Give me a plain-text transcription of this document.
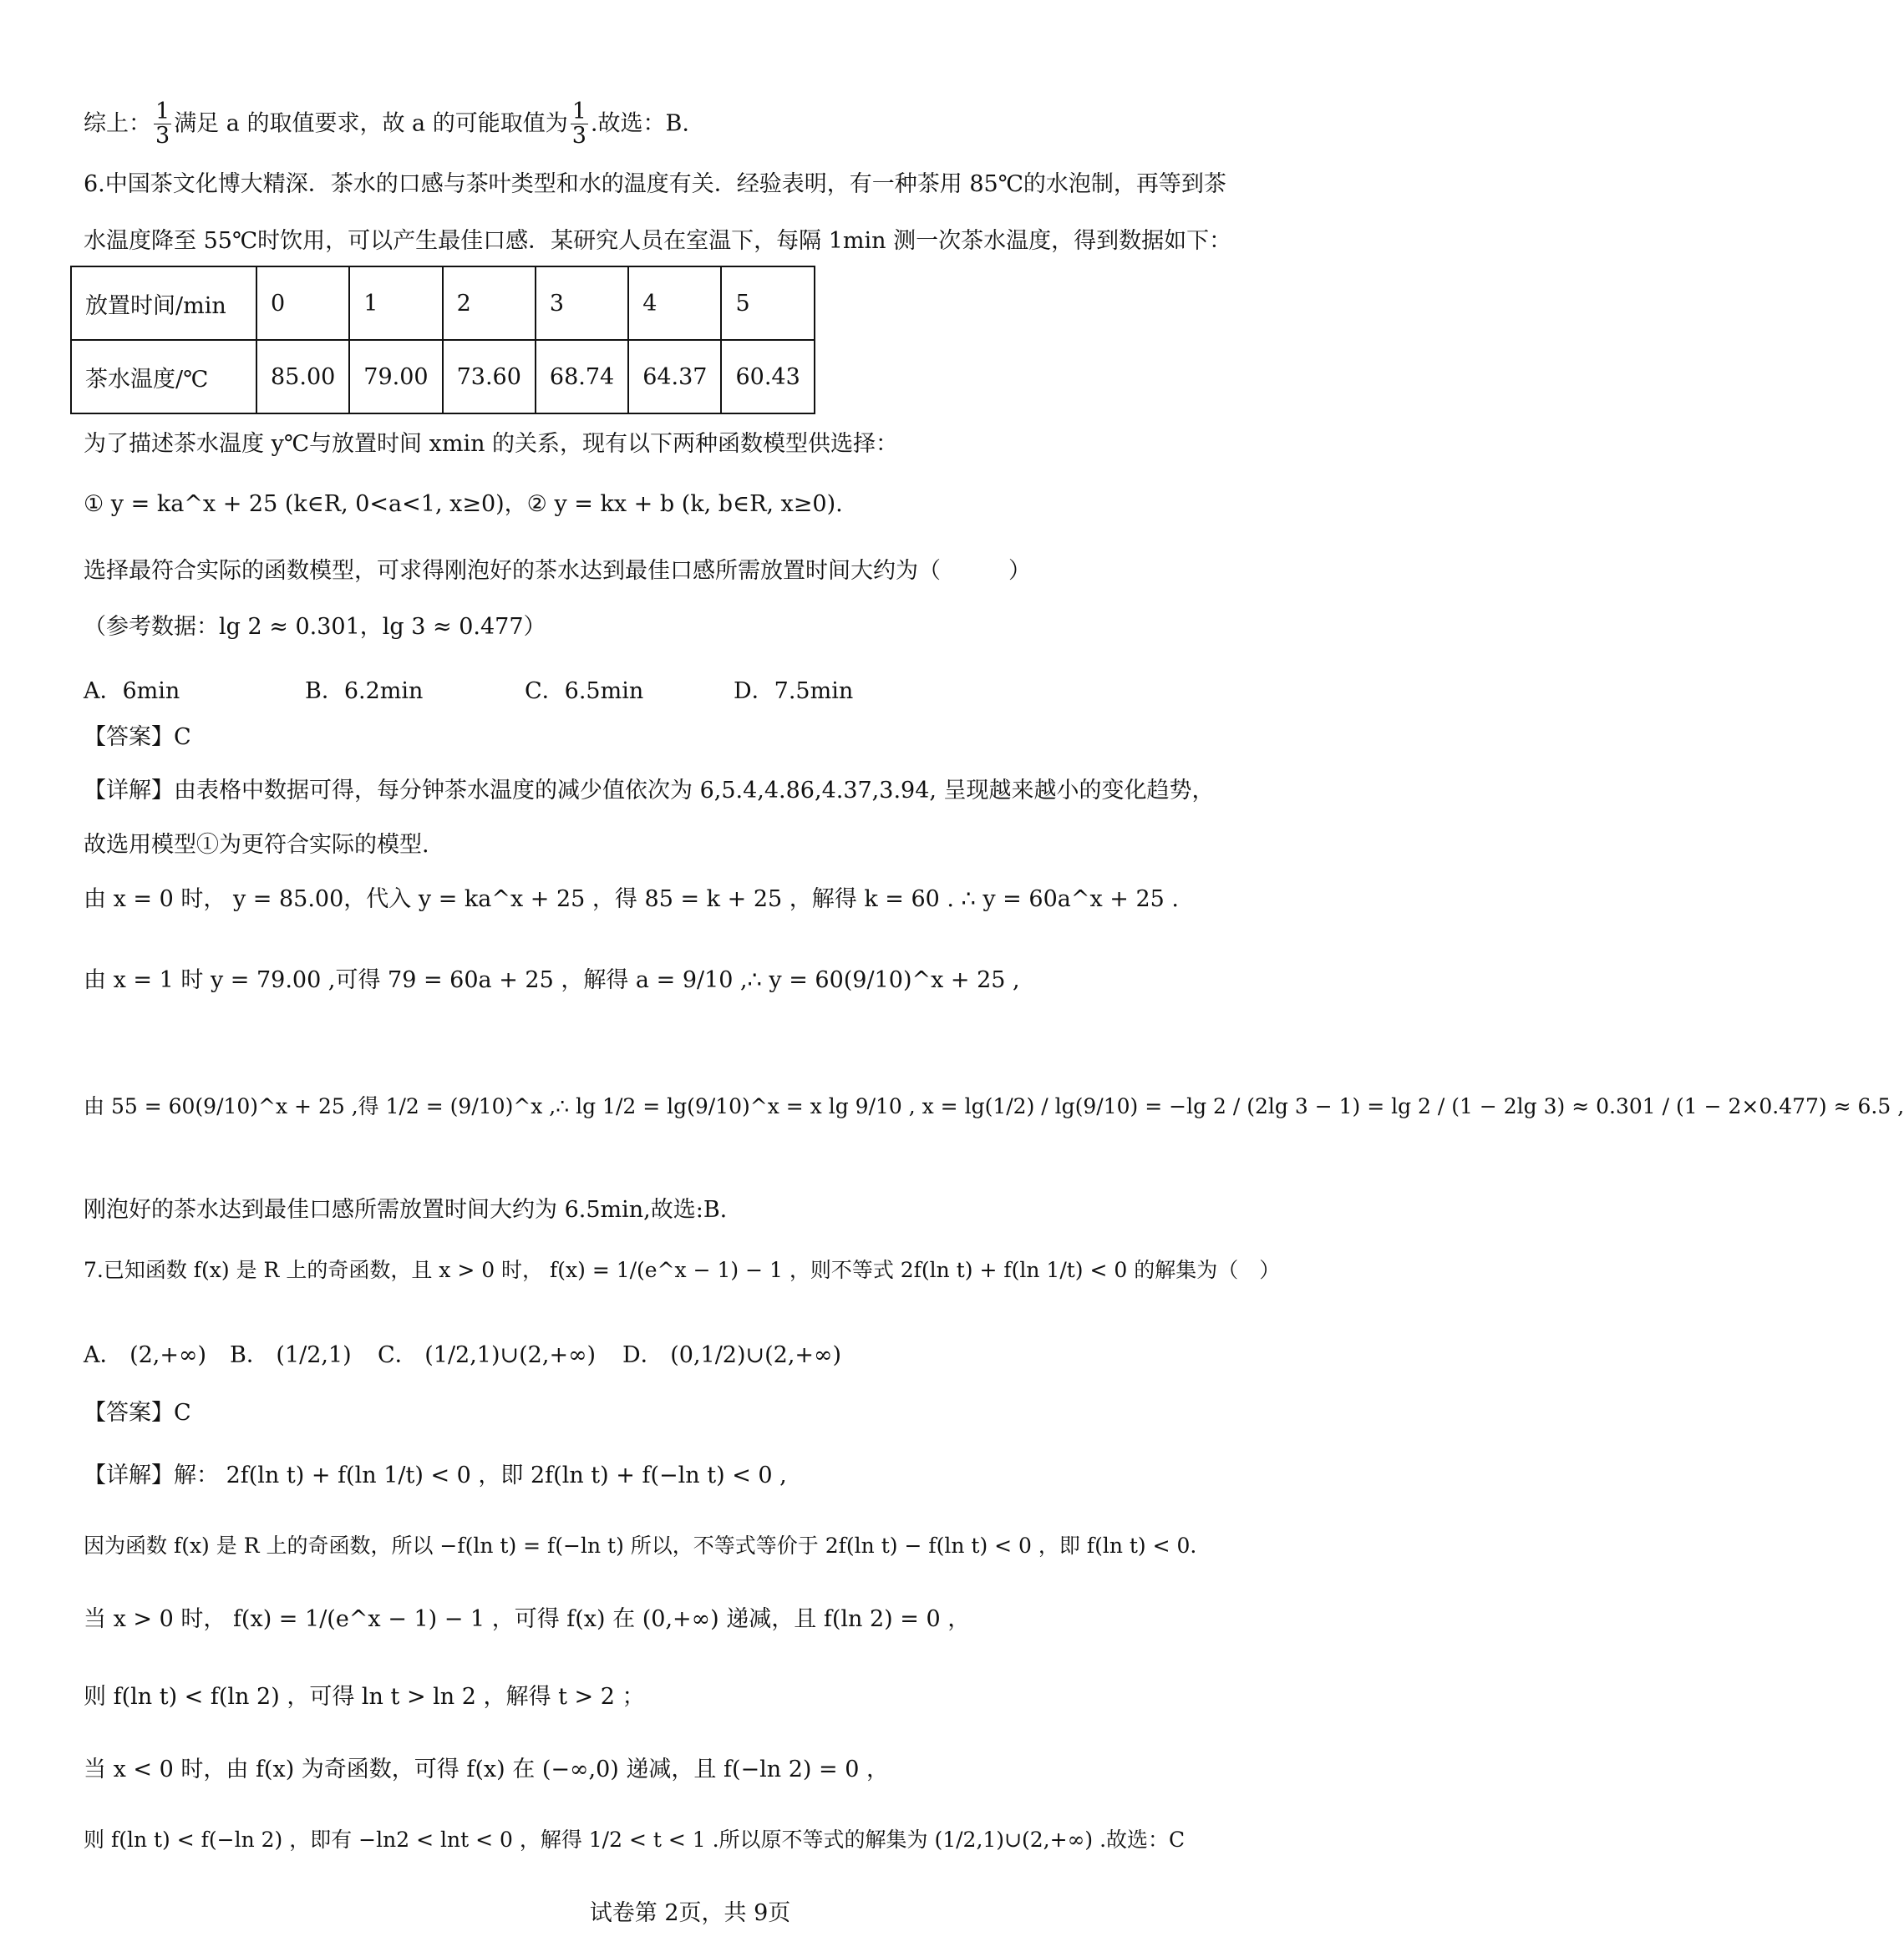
综上： $\frac{1}{3}$ 满足 a 的取值要求，故 a 的可能取值为 $\frac{1}{3}$ .故选：B.
6.中国茶文化博大精深．茶水的口感与茶叶类型和水的温度有关．经验表明，有一种茶用 85℃的水泡制，再等到茶
水温度降至 55℃时饮用，可以产生最佳口感．某研究人员在室温下，每隔 1min 测一次茶水温度，得到数据如下：
放置时间/min	0	1	2	3	4	5
茶水温度/℃	85.00	79.00	73.60	68.74	64.37	60.43
为了描述茶水温度 y℃与放置时间 xmin 的关系，现有以下两种函数模型供选择：
① y = ka^x + 25 (k∈R, 0<a<1, x≥0)，② y = kx + b (k, b∈R, x≥0).
选择最符合实际的函数模型，可求得刚泡好的茶水达到最佳口感所需放置时间大约为（　　　）
（参考数据：lg 2 ≈ 0.301，lg 3 ≈ 0.477）
A．6min	B．6.2min	C．6.5min	D．7.5min
【答案】C
【详解】由表格中数据可得，每分钟茶水温度的减少值依次为 6,5.4,4.86,4.37,3.94, 呈现越来越小的变化趋势，
故选用模型①为更符合实际的模型.
由 x = 0 时， y = 85.00，代入 y = ka^x + 25 ，得 85 = k + 25 ，解得 k = 60 . ∴ y = 60a^x + 25 .
由 x = 1 时 y = 79.00 ,可得 79 = 60a + 25 ，解得 a = 9/10 ,∴ y = 60(9/10)^x + 25 ,
由 55 = 60(9/10)^x + 25 ,得 1/2 = (9/10)^x ,∴ lg 1/2 = lg(9/10)^x = x lg 9/10 , x = lg(1/2) / lg(9/10) = −lg 2 / (2lg 3 − 1) = lg 2 / (1 − 2lg 3) ≈ 0.301 / (1 − 2×0.477) ≈ 6.5 ,
刚泡好的茶水达到最佳口感所需放置时间大约为 6.5min,故选:B.
7.已知函数 f(x) 是 R 上的奇函数，且 x > 0 时， f(x) = 1/(e^x − 1) − 1 ，则不等式 2f(ln t) + f(ln 1/t) < 0 的解集为（　）
A． (2,+∞) B． (1/2,1) C． (1/2,1)∪(2,+∞) D． (0,1/2)∪(2,+∞)
【答案】C
【详解】解： 2f(ln t) + f(ln 1/t) < 0 ，即 2f(ln t) + f(−ln t) < 0 ,
因为函数 f(x) 是 R 上的奇函数，所以 −f(ln t) = f(−ln t) 所以，不等式等价于 2f(ln t) − f(ln t) < 0 ，即 f(ln t) < 0.
当 x > 0 时， f(x) = 1/(e^x − 1) − 1 ，可得 f(x) 在 (0,+∞) 递减，且 f(ln 2) = 0 ，
则 f(ln t) < f(ln 2) ，可得 ln t > ln 2 ，解得 t > 2 ；
当 x < 0 时，由 f(x) 为奇函数，可得 f(x) 在 (−∞,0) 递减，且 f(−ln 2) = 0 ，
则 f(ln t) < f(−ln 2) ，即有 −ln2 < lnt < 0 ，解得 1/2 < t < 1 .所以原不等式的解集为 (1/2,1)∪(2,+∞) .故选：C
试卷第 2页，共 9页
